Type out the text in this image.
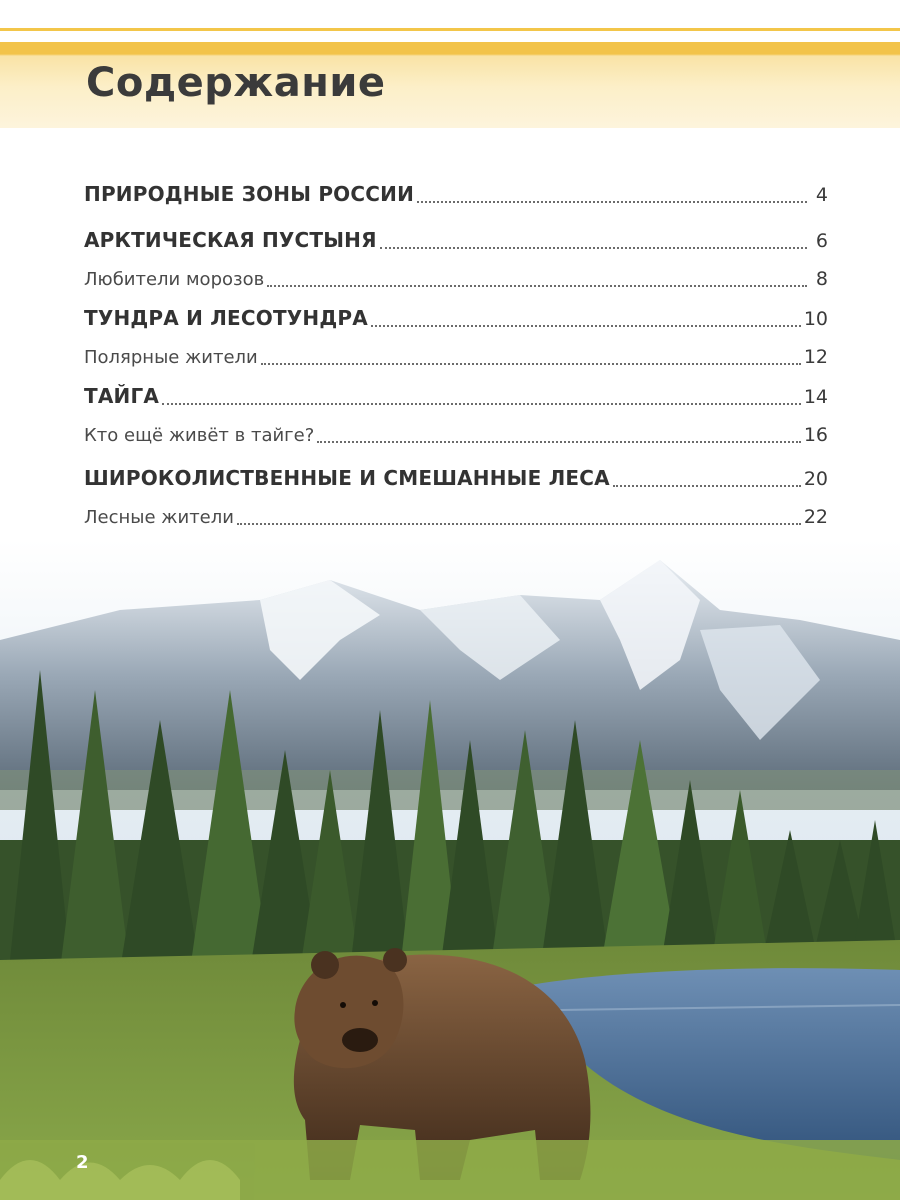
Содержание
ПРИРОДНЫЕ ЗОНЫ РОССИИ	4
АРКТИЧЕСКАЯ ПУСТЫНЯ	6
Любители морозов	8
ТУНДРА И ЛЕСОТУНДРА	10
Полярные жители	12
ТАЙГА	14
Кто ещё живёт в тайге?	16
ШИРОКОЛИСТВЕННЫЕ И СМЕШАННЫЕ ЛЕСА	20
Лесные жители	22
2
